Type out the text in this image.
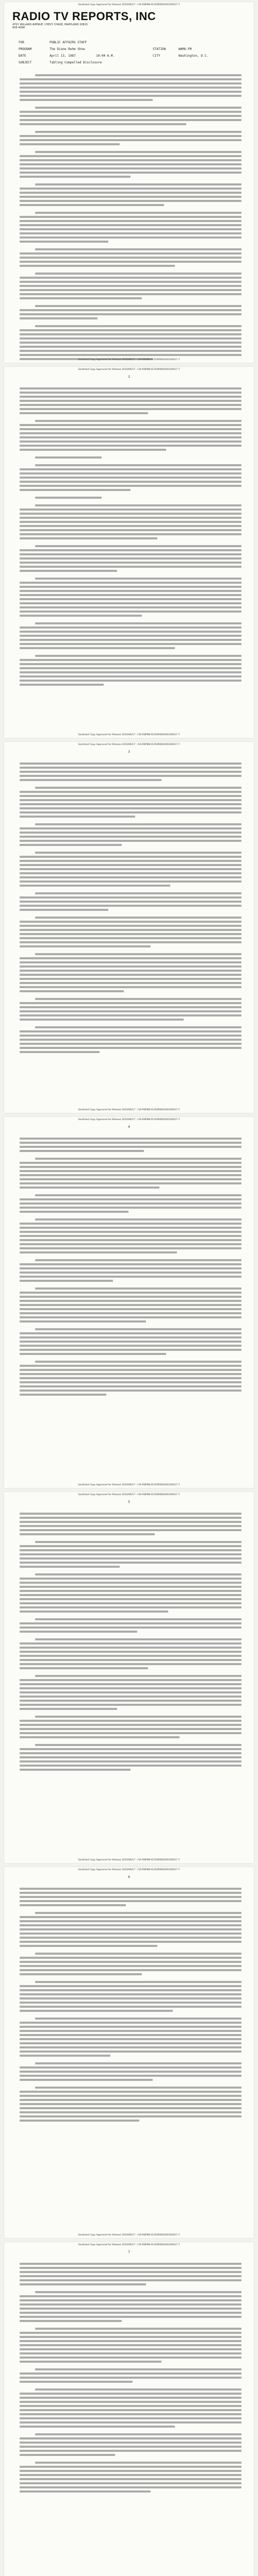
Sanitized Copy Approved for Release 2010/06/17 : CIA-RDP88-01350R000200320017-7
RADIO TV REPORTS, INC
4701 WILLARD AVENUE, CHEVY CHASE, MARYLAND 20815
656-4068
FOR	PUBLIC AFFAIRS STAFF
PROGRAM	The Diane Rehm Show	STATION	WAMU-FM
DATE	April 13, 1987	10:00 A.M.	CITY	Washington, D.C.
SUBJECT	Tabling Compelled Disclosure
Sanitized Copy Approved for Release 2010/06/17 : CIA-RDP88-01350R000200320017-7
Sanitized Copy Approved for Release 2010/06/17 : CIA-RDP88-01350R000200320017-7
2
Sanitized Copy Approved for Release 2010/06/17 : CIA-RDP88-01350R000200320017-7
Sanitized Copy Approved for Release 2010/06/17 : CIA-RDP88-01350R000200320017-7
3
Sanitized Copy Approved for Release 2010/06/17 : CIA-RDP88-01350R000200320017-7
Sanitized Copy Approved for Release 2010/06/17 : CIA-RDP88-01350R000200320017-7
4
Sanitized Copy Approved for Release 2010/06/17 : CIA-RDP88-01350R000200320017-7
Sanitized Copy Approved for Release 2010/06/17 : CIA-RDP88-01350R000200320017-7
5
Sanitized Copy Approved for Release 2010/06/17 : CIA-RDP88-01350R000200320017-7
Sanitized Copy Approved for Release 2010/06/17 : CIA-RDP88-01350R000200320017-7
6
Sanitized Copy Approved for Release 2010/06/17 : CIA-RDP88-01350R000200320017-7
Sanitized Copy Approved for Release 2010/06/17 : CIA-RDP88-01350R000200320017-7
7
